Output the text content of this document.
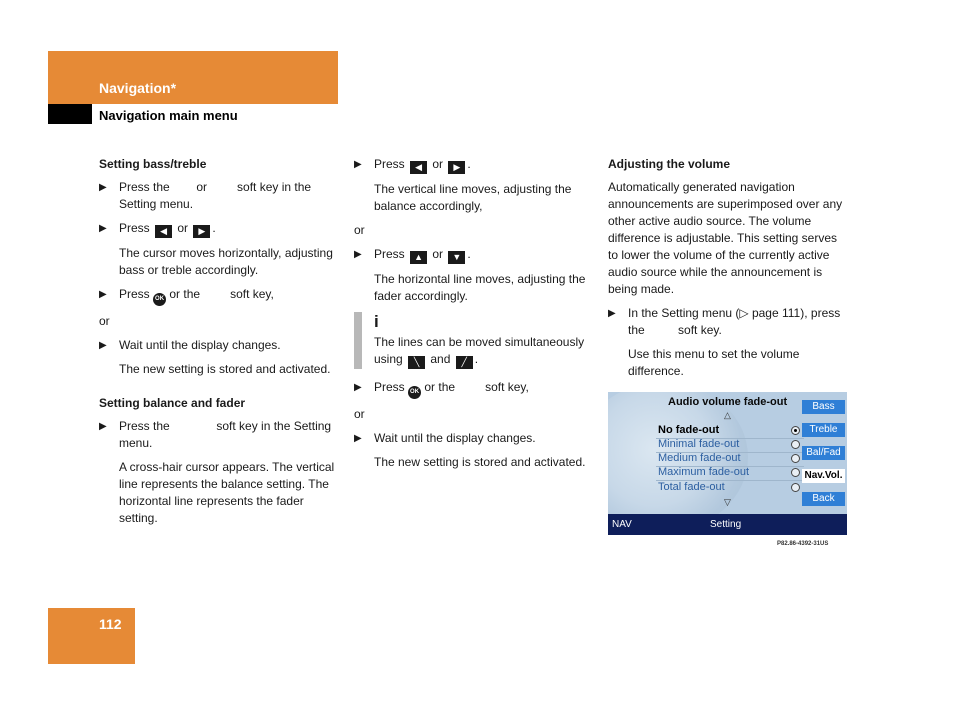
Navigation*
Navigation main menu

Setting bass/treble

▶ Press the        or         soft key in the Setting menu.
▶ Press ◀ or ▶ .

The cursor moves horizontally, adjusting bass or treble accordingly.

▶ Press OK or the         soft key,

or

▶ Wait until the display changes.

The new setting is stored and activated.

Setting balance and fader

▶ Press the              soft key in the Setting menu.

A cross-hair cursor appears. The vertical line represents the balance setting. The horizontal line represents the fader setting.

▶ Press ◀ or ▶ .

The vertical line moves, adjusting the balance accordingly,

or

▶ Press ▲ or ▼ .

The horizontal line moves, adjusting the fader accordingly.

i
The lines can be moved simultaneously using ╲ and ╱ .
▶ Press OK or the         soft key,

or

▶ Wait until the display changes.

The new setting is stored and activated.

Adjusting the volume

Automatically generated navigation announcements are superimposed over any other active audio source. The volume difference is adjustable. This setting serves to lower the volume of the currently active audio source while the announcement is being made.

▶ In the Setting menu (▷ page 111), press the          soft key.

Use this menu to set the volume difference.

Audio volume fade-out
△
No fade-out
Minimal fade-out
Medium fade-out
Maximum fade-out
Total fade-out
▽
Bass
Treble
Bal/Fad
Nav.Vol.
Back
NAV	Setting
P82.86-4392-31US
112
